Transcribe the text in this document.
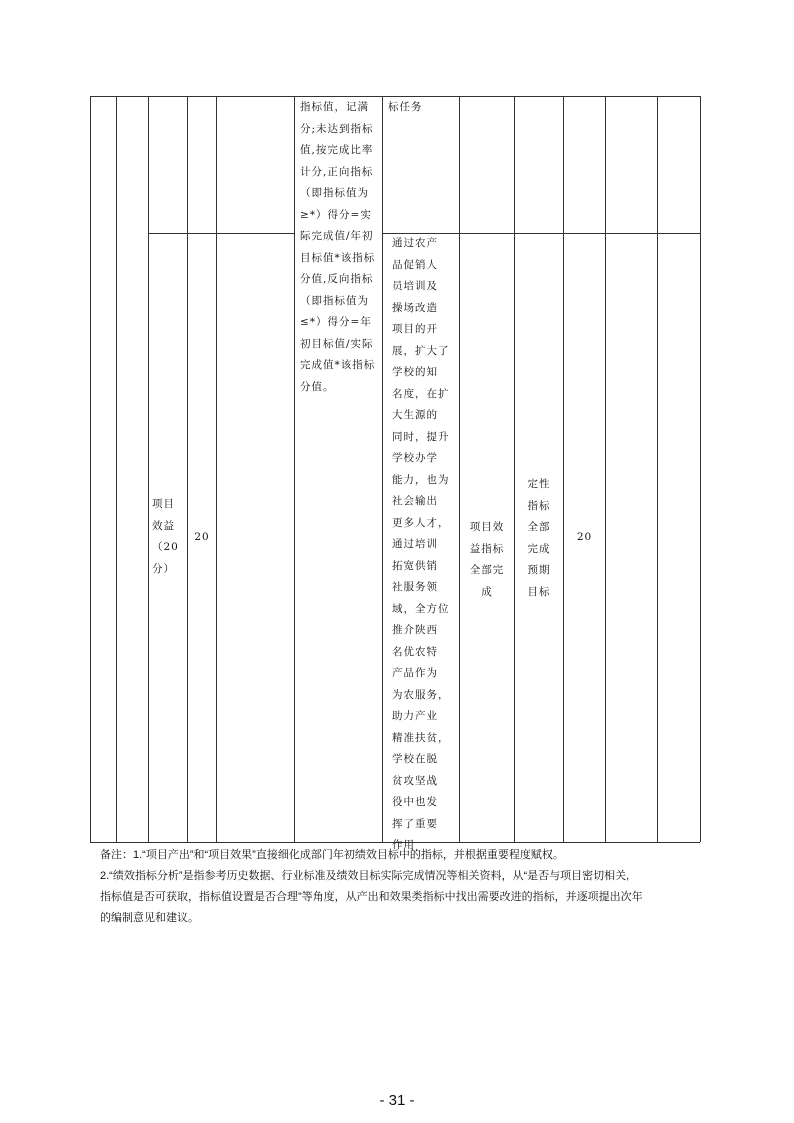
指标值，记满
分;未达到指标
值,按完成比率
计分,正向指标
（即指标值为
≥*）得分=实
际完成值/年初
目标值*该指标
分值,反向指标
（即指标值为
≤*）得分=年
初目标值/实际
完成值*该指标
分值。
标任务
项目
效益
（20
分）
20
通过农产
品促销人
员培训及
操场改造
项目的开
展，扩大了
学校的知
名度，在扩
大生源的
同时，提升
学校办学
能力，也为
社会输出
更多人才，
通过培训
拓宽供销
社服务领
域，全方位
推介陕西
名优农特
产品作为
为农服务，
助力产业
精准扶贫，
学校在脱
贫攻坚战
役中也发
挥了重要
作用
项目效
益指标
全部完
成
定性
指标
全部
完成
预期
目标
20
备注：1.“项目产出”和“项目效果”直接细化成部门年初绩效目标中的指标，并根据重要程度赋权。
2.“绩效指标分析”是指参考历史数据、行业标准及绩效目标实际完成情况等相关资料，从“是否与项目密切相关,
指标值是否可获取，指标值设置是否合理”等角度，从产出和效果类指标中找出需要改进的指标，并逐项提出次年
的编制意见和建议。
- 31 -
